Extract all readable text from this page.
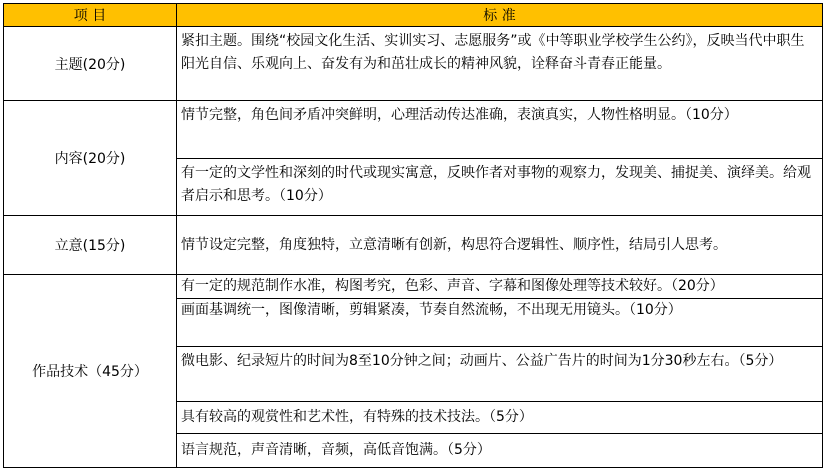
项 目	标 准
主题(20分)	紧扣主题。围绕“校园文化生活、实训实习、志愿服务”或《中等职业学校学生公约》，反映当代中职生阳光自信、乐观向上、奋发有为和茁壮成长的精神风貌，诠释奋斗青春正能量。
内容(20分)	情节完整，角色间矛盾冲突鲜明，心理活动传达准确，表演真实，人物性格明显。（10分）
	有一定的文学性和深刻的时代或现实寓意，反映作者对事物的观察力，发现美、捕捉美、演绎美。给观者启示和思考。（10分）
立意(15分)	情节设定完整，角度独特，立意清晰有创新，构思符合逻辑性、顺序性，结局引人思考。
作品技术（45分）	有一定的规范制作水准，构图考究，色彩、声音、字幕和图像处理等技术较好。（20分）
	画面基调统一，图像清晰，剪辑紧凑，节奏自然流畅，不出现无用镜头。（10分）
	微电影、纪录短片的时间为8至10分钟之间；动画片、公益广告片的时间为1分30秒左右。（5分）
	具有较高的观赏性和艺术性，有特殊的技术技法。（5分）
	语言规范，声音清晰，音频，高低音饱满。（5分）
